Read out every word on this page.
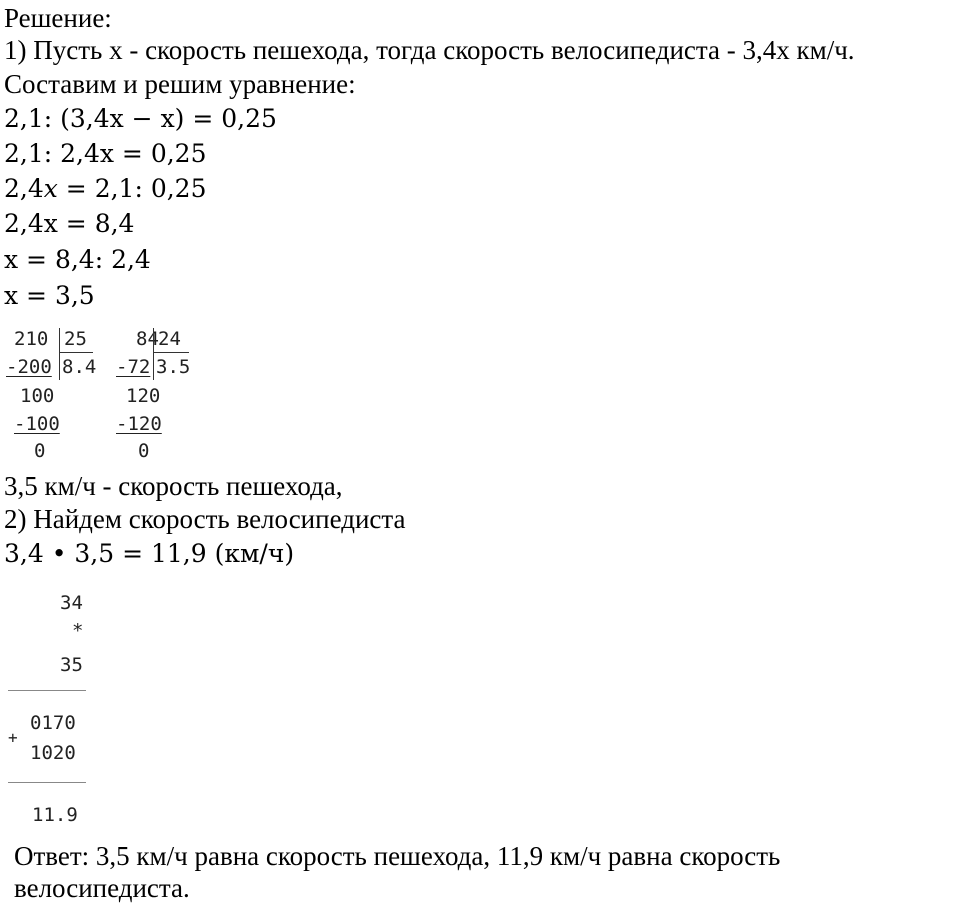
Решение:
1) Пусть x - скорость пешехода, тогда скорость велосипедиста - 3,4x км/ч.
Составим и решим уравнение:
2,1: (3,4x − x) = 0,25
2,1: 2,4x = 0,25
2,4𝑥 = 2,1: 0,25
2,4x = 8,4
x = 8,4: 2,4
x = 3,5
210 25
-200 8.4
100
-100
0
84 24
-72 3.5
120
-120
0
3,5 км/ч - скорость пешехода,
2) Найдем скорость велосипедиста
3,4 • 3,5 = 11,9 (км/ч)
34
*
35
+
0170
1020
11.9
Ответ: 3,5 км/ч равна скорость пешехода, 11,9 км/ч равна скорость
велосипедиста.
